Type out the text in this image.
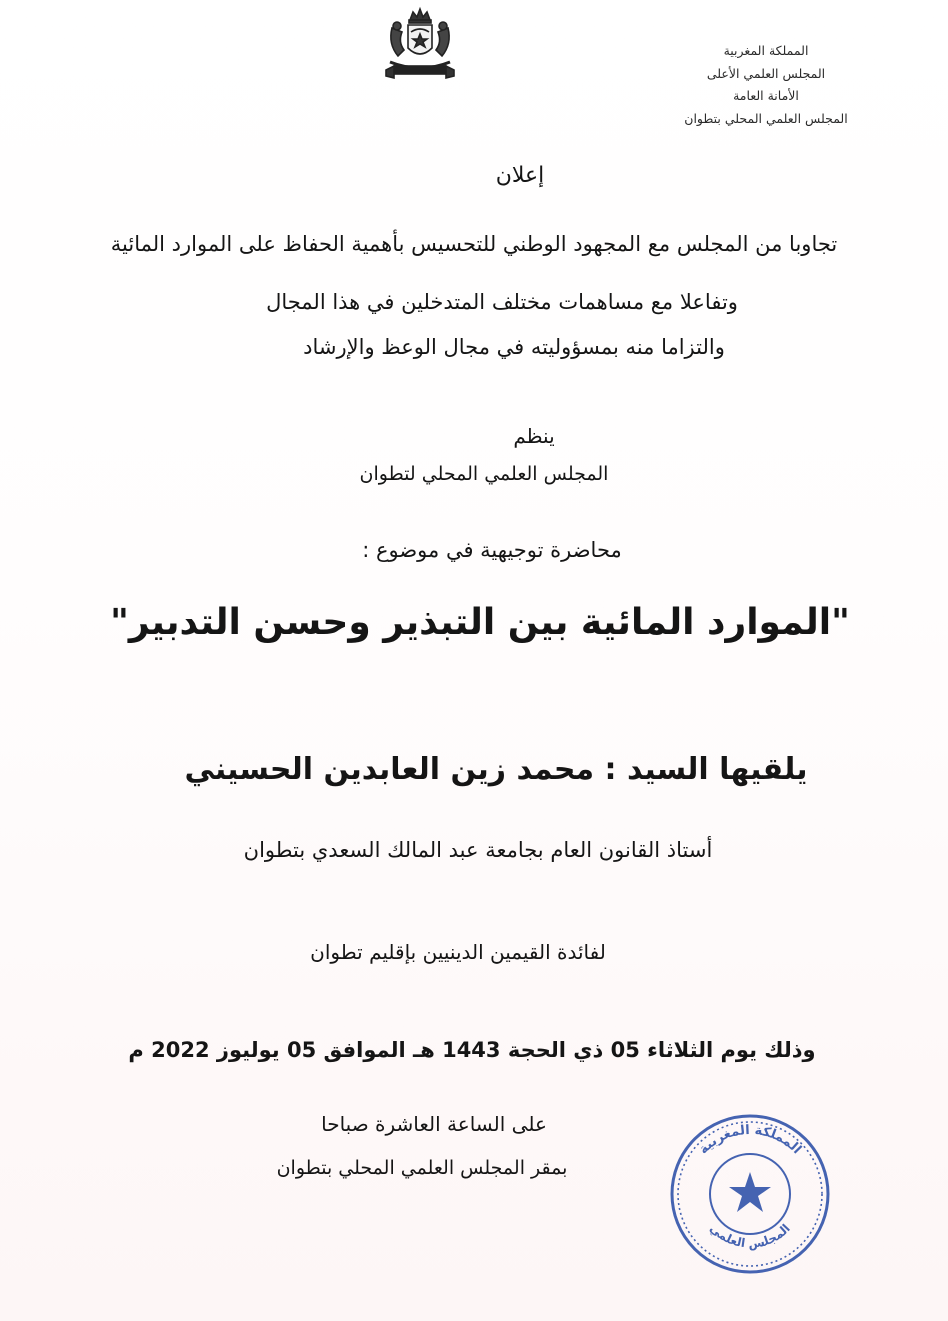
المملكة المغربية
المجلس العلمي الأعلى
الأمانة العامة
المجلس العلمي المحلي بتطوان
إعلان
تجاوبا من المجلس مع المجهود الوطني للتحسيس بأهمية الحفاظ على الموارد المائية
وتفاعلا مع مساهمات مختلف المتدخلين في هذا المجال
والتزاما منه بمسؤوليته في مجال الوعظ والإرشاد
ينظم
المجلس العلمي المحلي لتطوان
محاضرة توجيهية في موضوع :
"الموارد المائية بين التبذير وحسن التدبير"
يلقيها السيد : محمد زين العابدين الحسيني
أستاذ القانون العام بجامعة عبد المالك السعدي بتطوان
لفائدة القيمين الدينيين بإقليم تطوان
وذلك يوم الثلاثاء 05 ذي الحجة 1443 هـ الموافق 05 يوليوز 2022 م
على الساعة العاشرة صباحا
بمقر المجلس العلمي المحلي بتطوان
المملكة المغربية
المجلس العلمي
